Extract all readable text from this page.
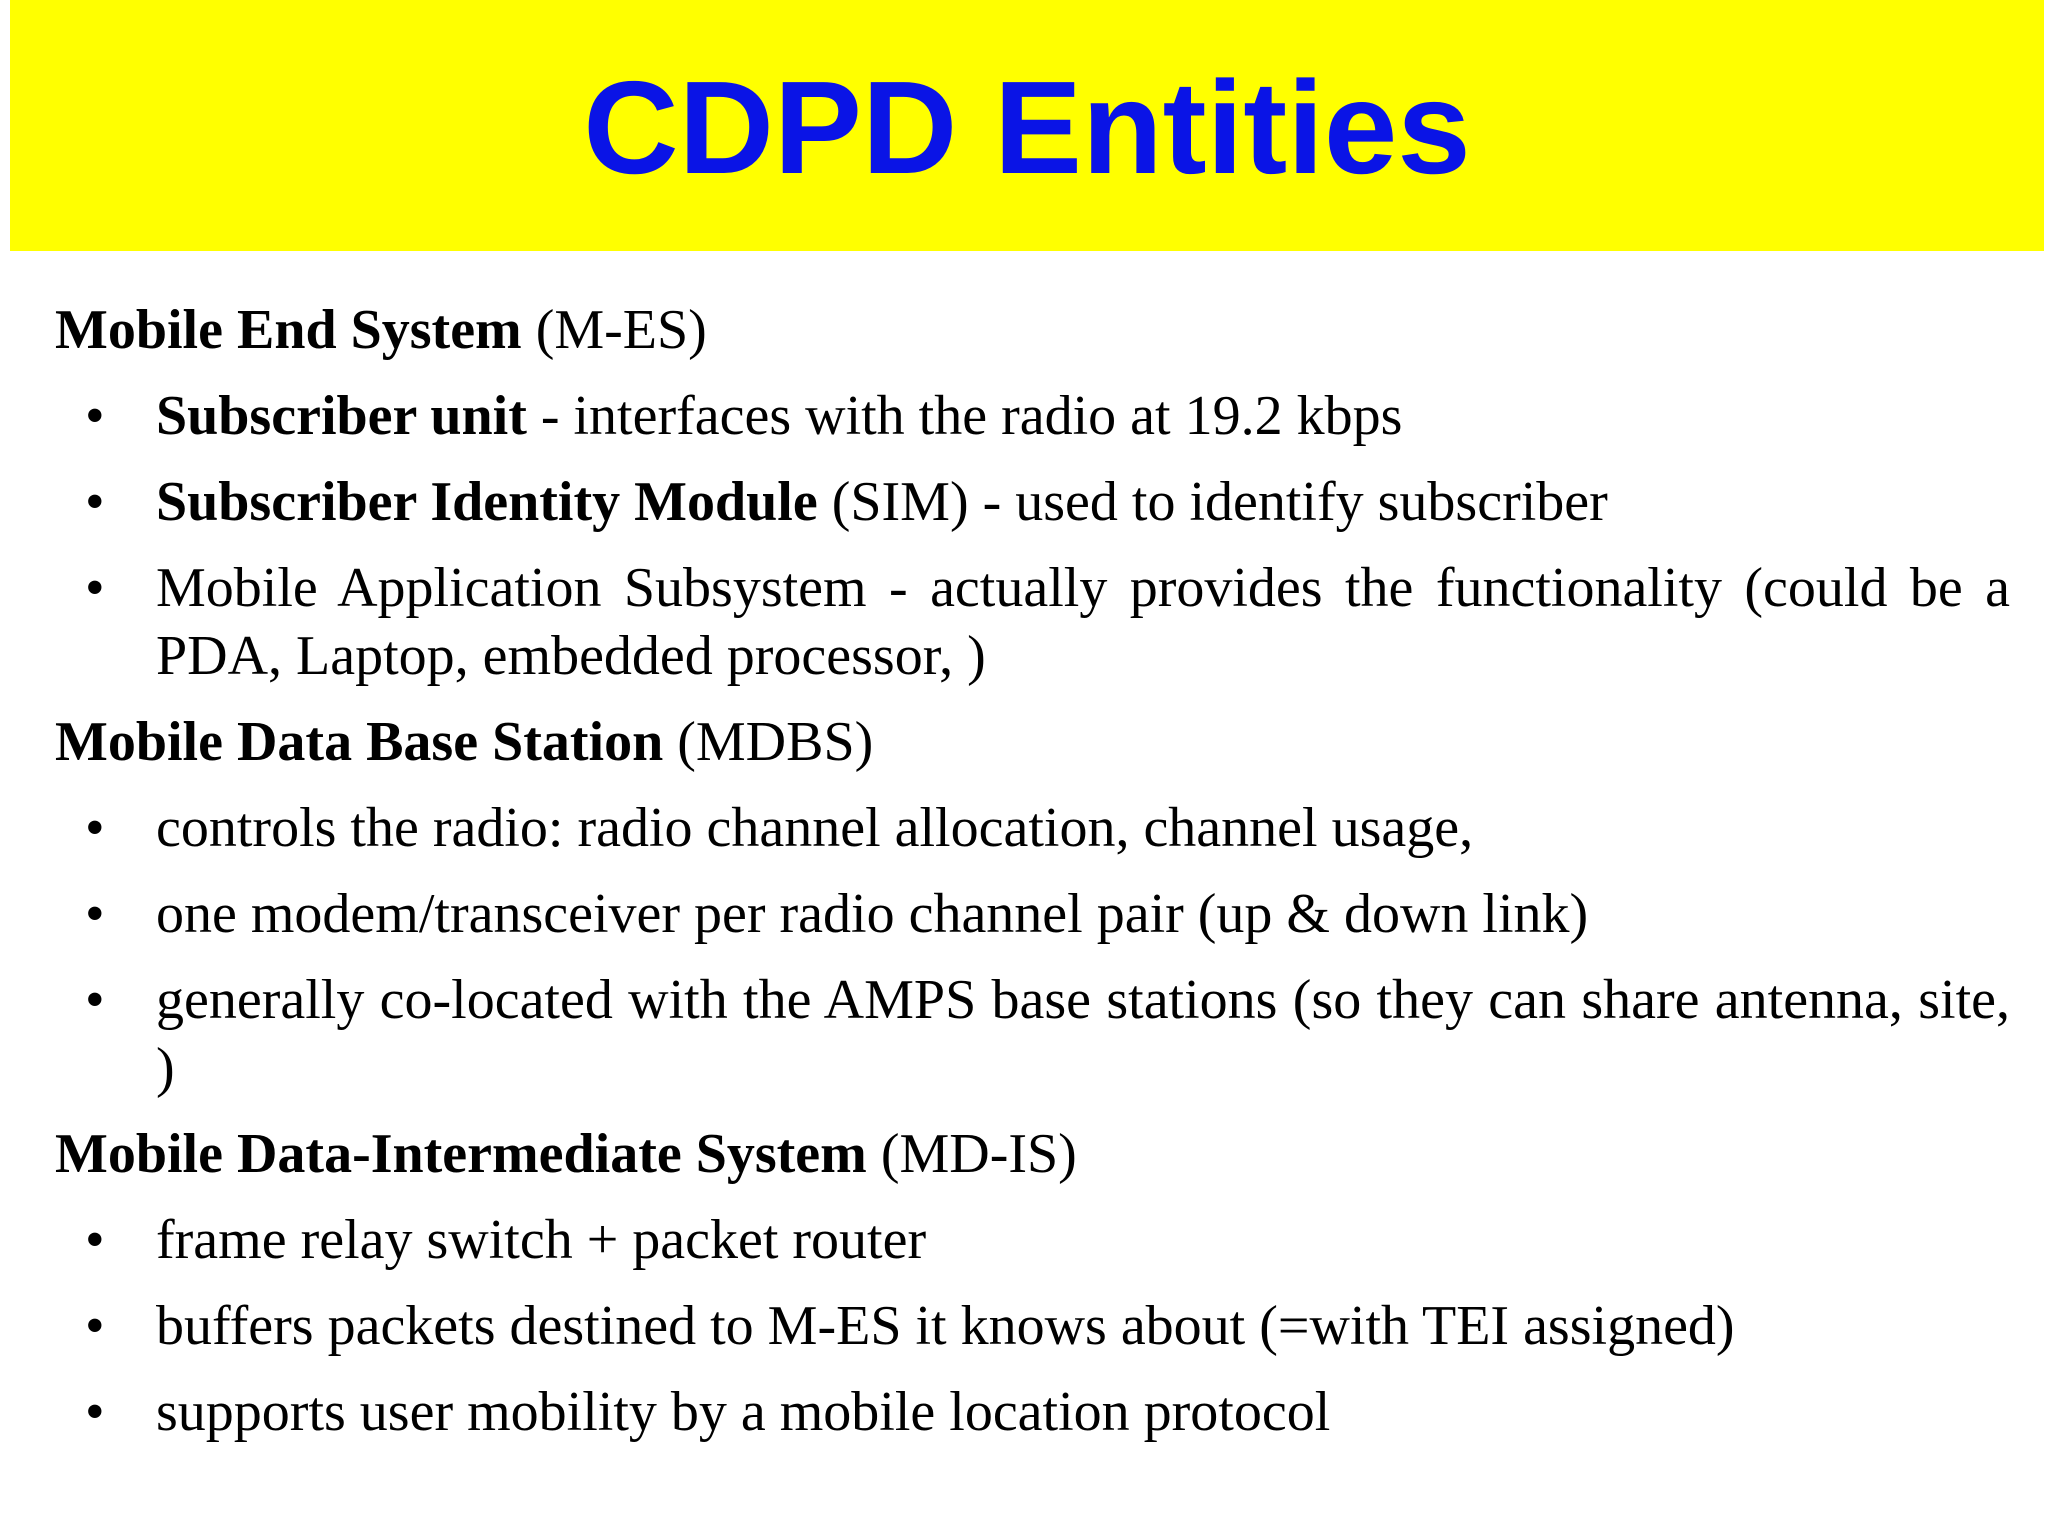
CDPD Entities
Mobile End System (M-ES)
• Subscriber unit - interfaces with the radio at 19.2 kbps
• Subscriber Identity Module (SIM) - used to identify subscriber
• Mobile Application Subsystem - actually provides the functionality (could be a PDA, Laptop, embedded processor, )
Mobile Data Base Station (MDBS)
• controls the radio: radio channel allocation, channel usage,
• one modem/transceiver per radio channel pair (up & down link)
• generally co-located with the AMPS base stations (so they can share antenna, site, )
Mobile Data-Intermediate System (MD-IS)
• frame relay switch + packet router
• buffers packets destined to M-ES it knows about (=with TEI assigned)
• supports user mobility by a mobile location protocol
